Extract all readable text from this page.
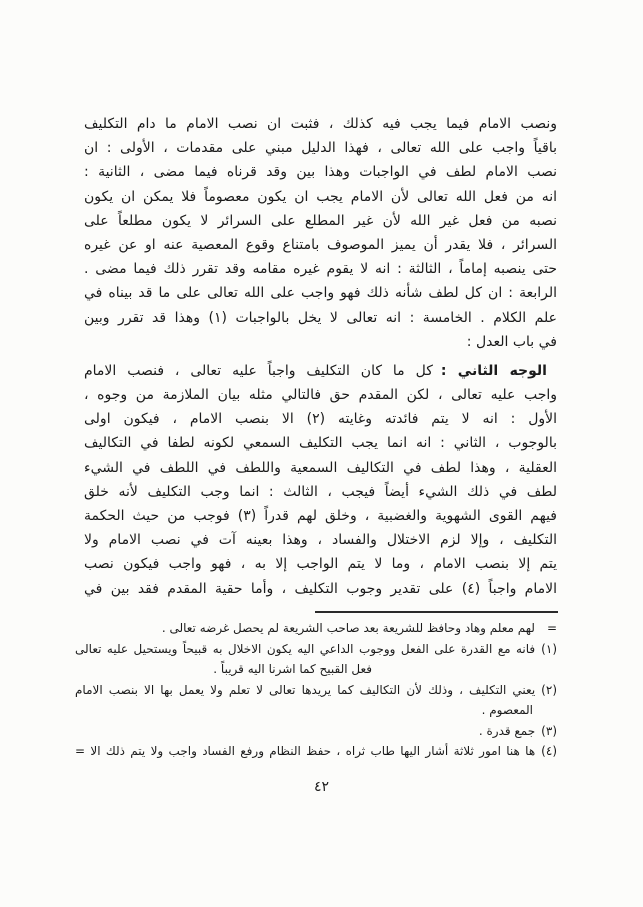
ونصب الامام فيما يجب فيه كذلك ، فثبت ان نصب الامام ما دام التكليف
باقياً واجب على الله تعالى ، فهذا الدليل مبني على مقدمات ، الأولى : ان
نصب الامام لطف في الواجبات وهذا بين وقد قرناه فيما مضى ، الثانية :
انه من فعل الله تعالى لأن الامام يجب ان يكون معصوماً فلا يمكن ان يكون
نصبه من فعل غير الله لأن غير المطلع على السرائر لا يكون مطلعاً على
السرائر ، فلا يقدر أن يميز الموصوف بامتناع وقوع المعصية عنه او عن غيره
حتى ينصبه إماماً ، الثالثة : انه لا يقوم غيره مقامه وقد تقرر ذلك فيما مضى .
الرابعة : ان كل لطف شأنه ذلك فهو واجب على الله تعالى على ما قد بيناه في
علم الكلام . الخامسة : انه تعالى لا يخل بالواجبات (١) وهذا قد تقرر وبين
في باب العدل :
الوجه الثاني :كل ما كان التكليف واجباً عليه تعالى ، فنصب الامام
واجب عليه تعالى ، لكن المقدم حق فالتالي مثله بيان الملازمة من وجوه ،
الأول : انه لا يتم فائدته وغايته (٢) الا بنصب الامام ، فيكون اولى
بالوجوب ، الثاني : انه انما يجب التكليف السمعي لكونه لطفا في التكاليف
العقلية ، وهذا لطف في التكاليف السمعية واللطف في اللطف في الشيء
لطف في ذلك الشيء أيضاً فيجب ، الثالث : انما وجب التكليف لأنه خلق
فيهم القوى الشهوية والغضبية ، وخلق لهم قدراً (٣) فوجب من حيث الحكمة
التكليف ، وإلا لزم الاختلال والفساد ، وهذا بعينه آت في نصب الامام ولا
يتم إلا بنصب الامام ، وما لا يتم الواجب إلا به ، فهو واجب فيكون نصب
الامام واجباً (٤) على تقدير وجوب التكليف ، وأما حقية المقدم فقد بين في
=لهم معلم وهاد وحافظ للشريعة بعد صاحب الشريعة لم يحصل غرضه تعالى .
(١)فانه مع القدرة على الفعل ووجوب الداعي اليه يكون الاخلال به قبيحاً ويستحيل عليه تعالى
فعل القبيح كما اشرنا اليه قريباً .
(٢)يعني التكليف ، وذلك لأن التكاليف كما يريدها تعالى لا تعلم ولا يعمل بها الا بنصب الامام
المعصوم .
(٣)جمع قدرة .
(٤)ها هنا امور ثلاثة أشار اليها طاب ثراه ، حفظ النظام ورفع الفساد واجب ولا يتم ذلك الا =
٤٢
